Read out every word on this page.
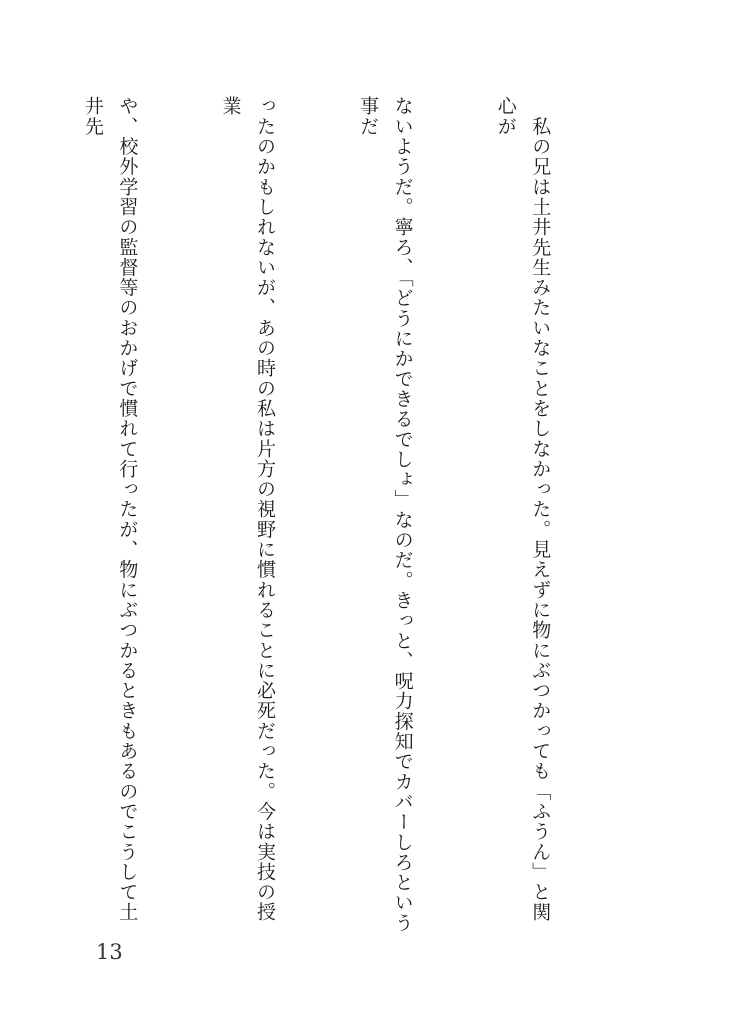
　私の兄は土井先生みたいなことをしなかった。見えずに物にぶつかっても「ふうん」と関心が

ないようだ。寧ろ、「どうにかできるでしょ」なのだ。きっと、呪力探知でカバーしろという事だ

ったのかもしれないが、あの時の私は片方の視野に慣れることに必死だった。今は実技の授業

や、校外学習の監督等のおかげで慣れて行ったが、物にぶつかるときもあるのでこうして土井先

13
